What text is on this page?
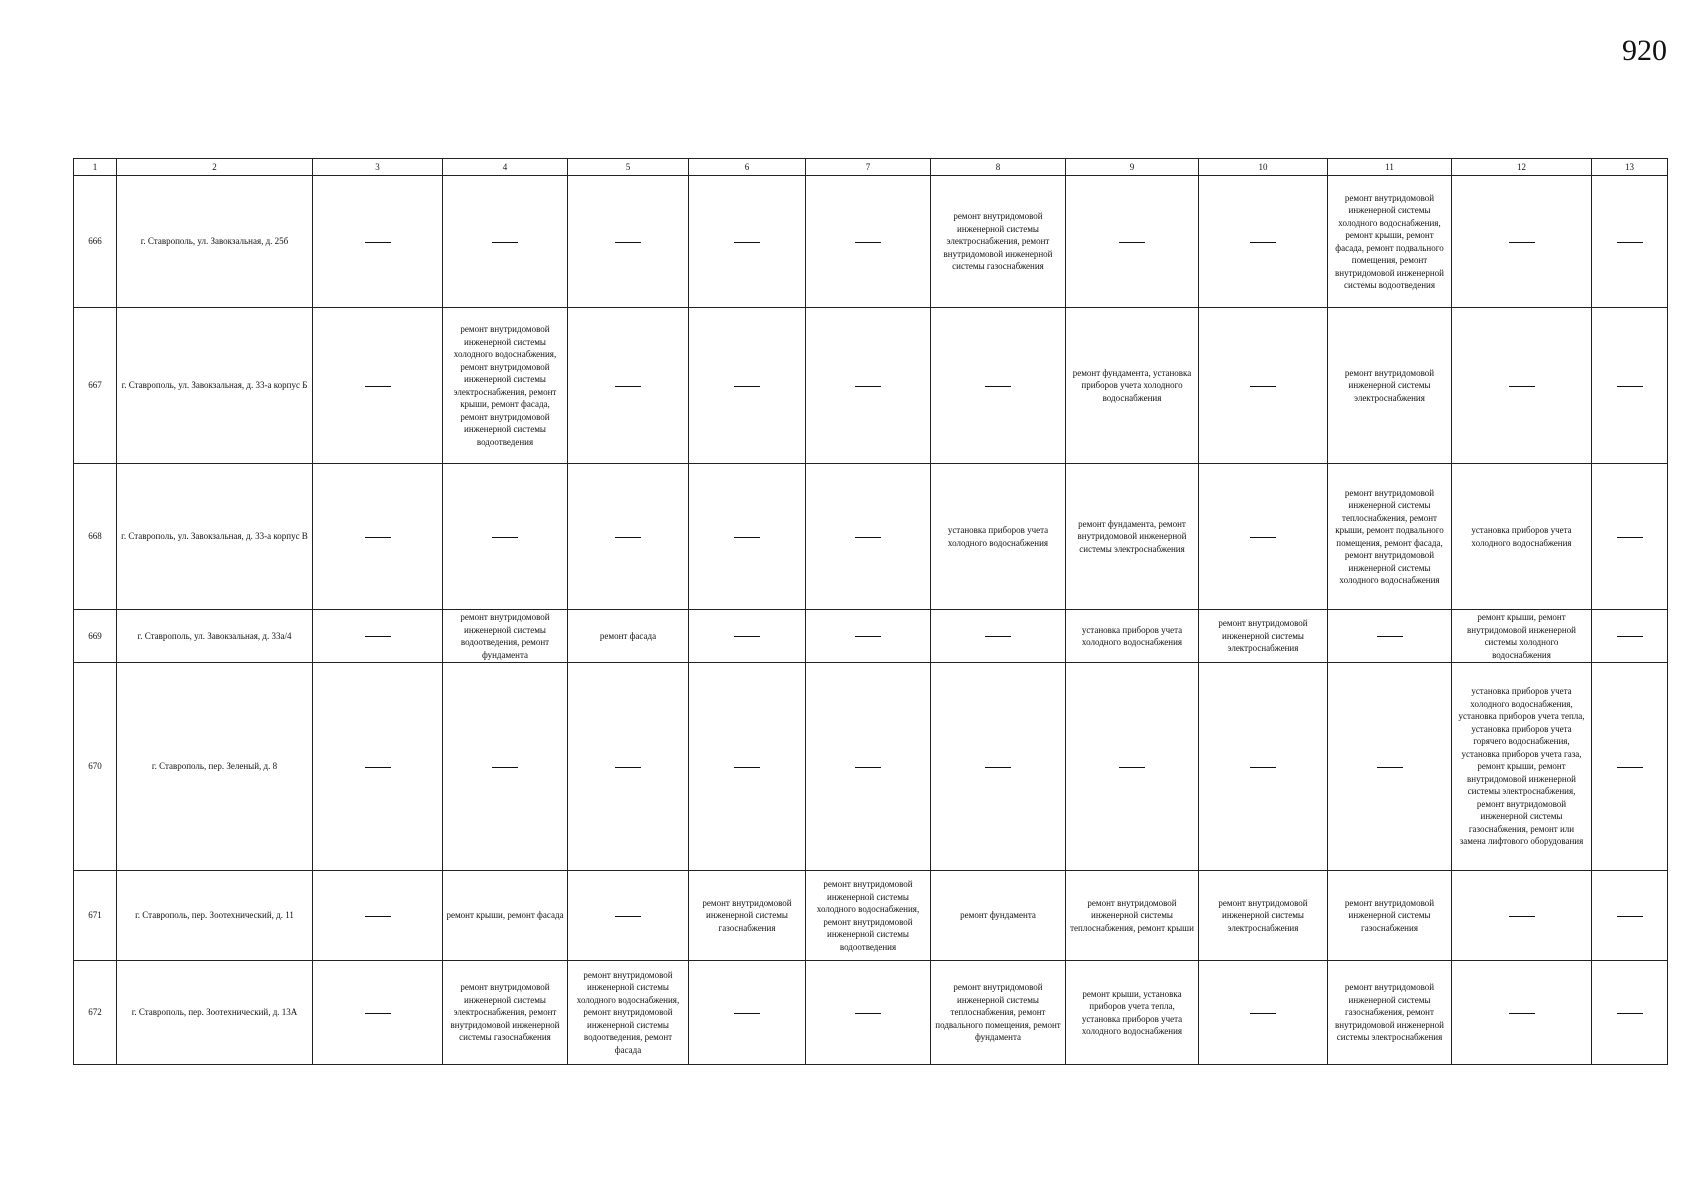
920
1	2	3	4	5	6	7	8	9	10	11	12	13
666	г. Ставрополь, ул. Завокзальная, д. 25б						ремонт внутридомовой инженерной системы электроснабжения, ремонт внутридомовой инженерной системы газоснабжения			ремонт внутридомовой инженерной системы холодного водоснабжения, ремонт крыши, ремонт фасада, ремонт подвального помещения, ремонт внутридомовой инженерной системы водоотведения		
667	г. Ставрополь, ул. Завокзальная, д. 33-а корпус Б		ремонт внутридомовой инженерной системы холодного водоснабжения, ремонт внутридомовой инженерной системы электроснабжения, ремонт крыши, ремонт фасада, ремонт внутридомовой инженерной системы водоотведения					ремонт фундамента, установка приборов учета холодного водоснабжения		ремонт внутридомовой инженерной системы электроснабжения		
668	г. Ставрополь, ул. Завокзальная, д. 33-а корпус В						установка приборов учета холодного водоснабжения	ремонт фундамента, ремонт внутридомовой инженерной системы электроснабжения		ремонт внутридомовой инженерной системы теплоснабжения, ремонт крыши, ремонт подвального помещения, ремонт фасада, ремонт внутридомовой инженерной системы холодного водоснабжения	установка приборов учета холодного водоснабжения	
669	г. Ставрополь, ул. Завокзальная, д. 33а/4		ремонт внутридомовой инженерной системы водоотведения, ремонт фундамента	ремонт фасада				установка приборов учета холодного водоснабжения	ремонт внутридомовой инженерной системы электроснабжения		ремонт крыши, ремонт внутридомовой инженерной системы холодного водоснабжения	
670	г. Ставрополь, пер. Зеленый, д. 8										установка приборов учета холодного водоснабжения, установка приборов учета тепла, установка приборов учета горячего водоснабжения, установка приборов учета газа, ремонт крыши, ремонт внутридомовой инженерной системы электроснабжения, ремонт внутридомовой инженерной системы газоснабжения, ремонт или замена лифтового оборудования	
671	г. Ставрополь, пер. Зоотехнический, д. 11		ремонт крыши, ремонт фасада		ремонт внутридомовой инженерной системы газоснабжения	ремонт внутридомовой инженерной системы холодного водоснабжения, ремонт внутридомовой инженерной системы водоотведения	ремонт фундамента	ремонт внутридомовой инженерной системы теплоснабжения, ремонт крыши	ремонт внутридомовой инженерной системы электроснабжения	ремонт внутридомовой инженерной системы газоснабжения		
672	г. Ставрополь, пер. Зоотехнический, д. 13А		ремонт внутридомовой инженерной системы электроснабжения, ремонт внутридомовой инженерной системы газоснабжения	ремонт внутридомовой инженерной системы холодного водоснабжения, ремонт внутридомовой инженерной системы водоотведения, ремонт фасада			ремонт внутридомовой инженерной системы теплоснабжения, ремонт подвального помещения, ремонт фундамента	ремонт крыши, установка приборов учета тепла, установка приборов учета холодного водоснабжения		ремонт внутридомовой инженерной системы газоснабжения, ремонт внутридомовой инженерной системы электроснабжения		
